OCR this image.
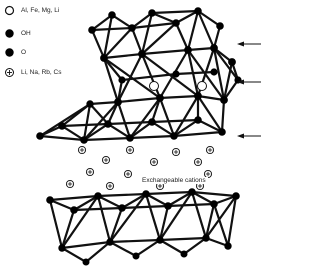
Al, Fe, Mg, Li
OH
O
Li, Na, Rb, Cs
Exchangeable cations
